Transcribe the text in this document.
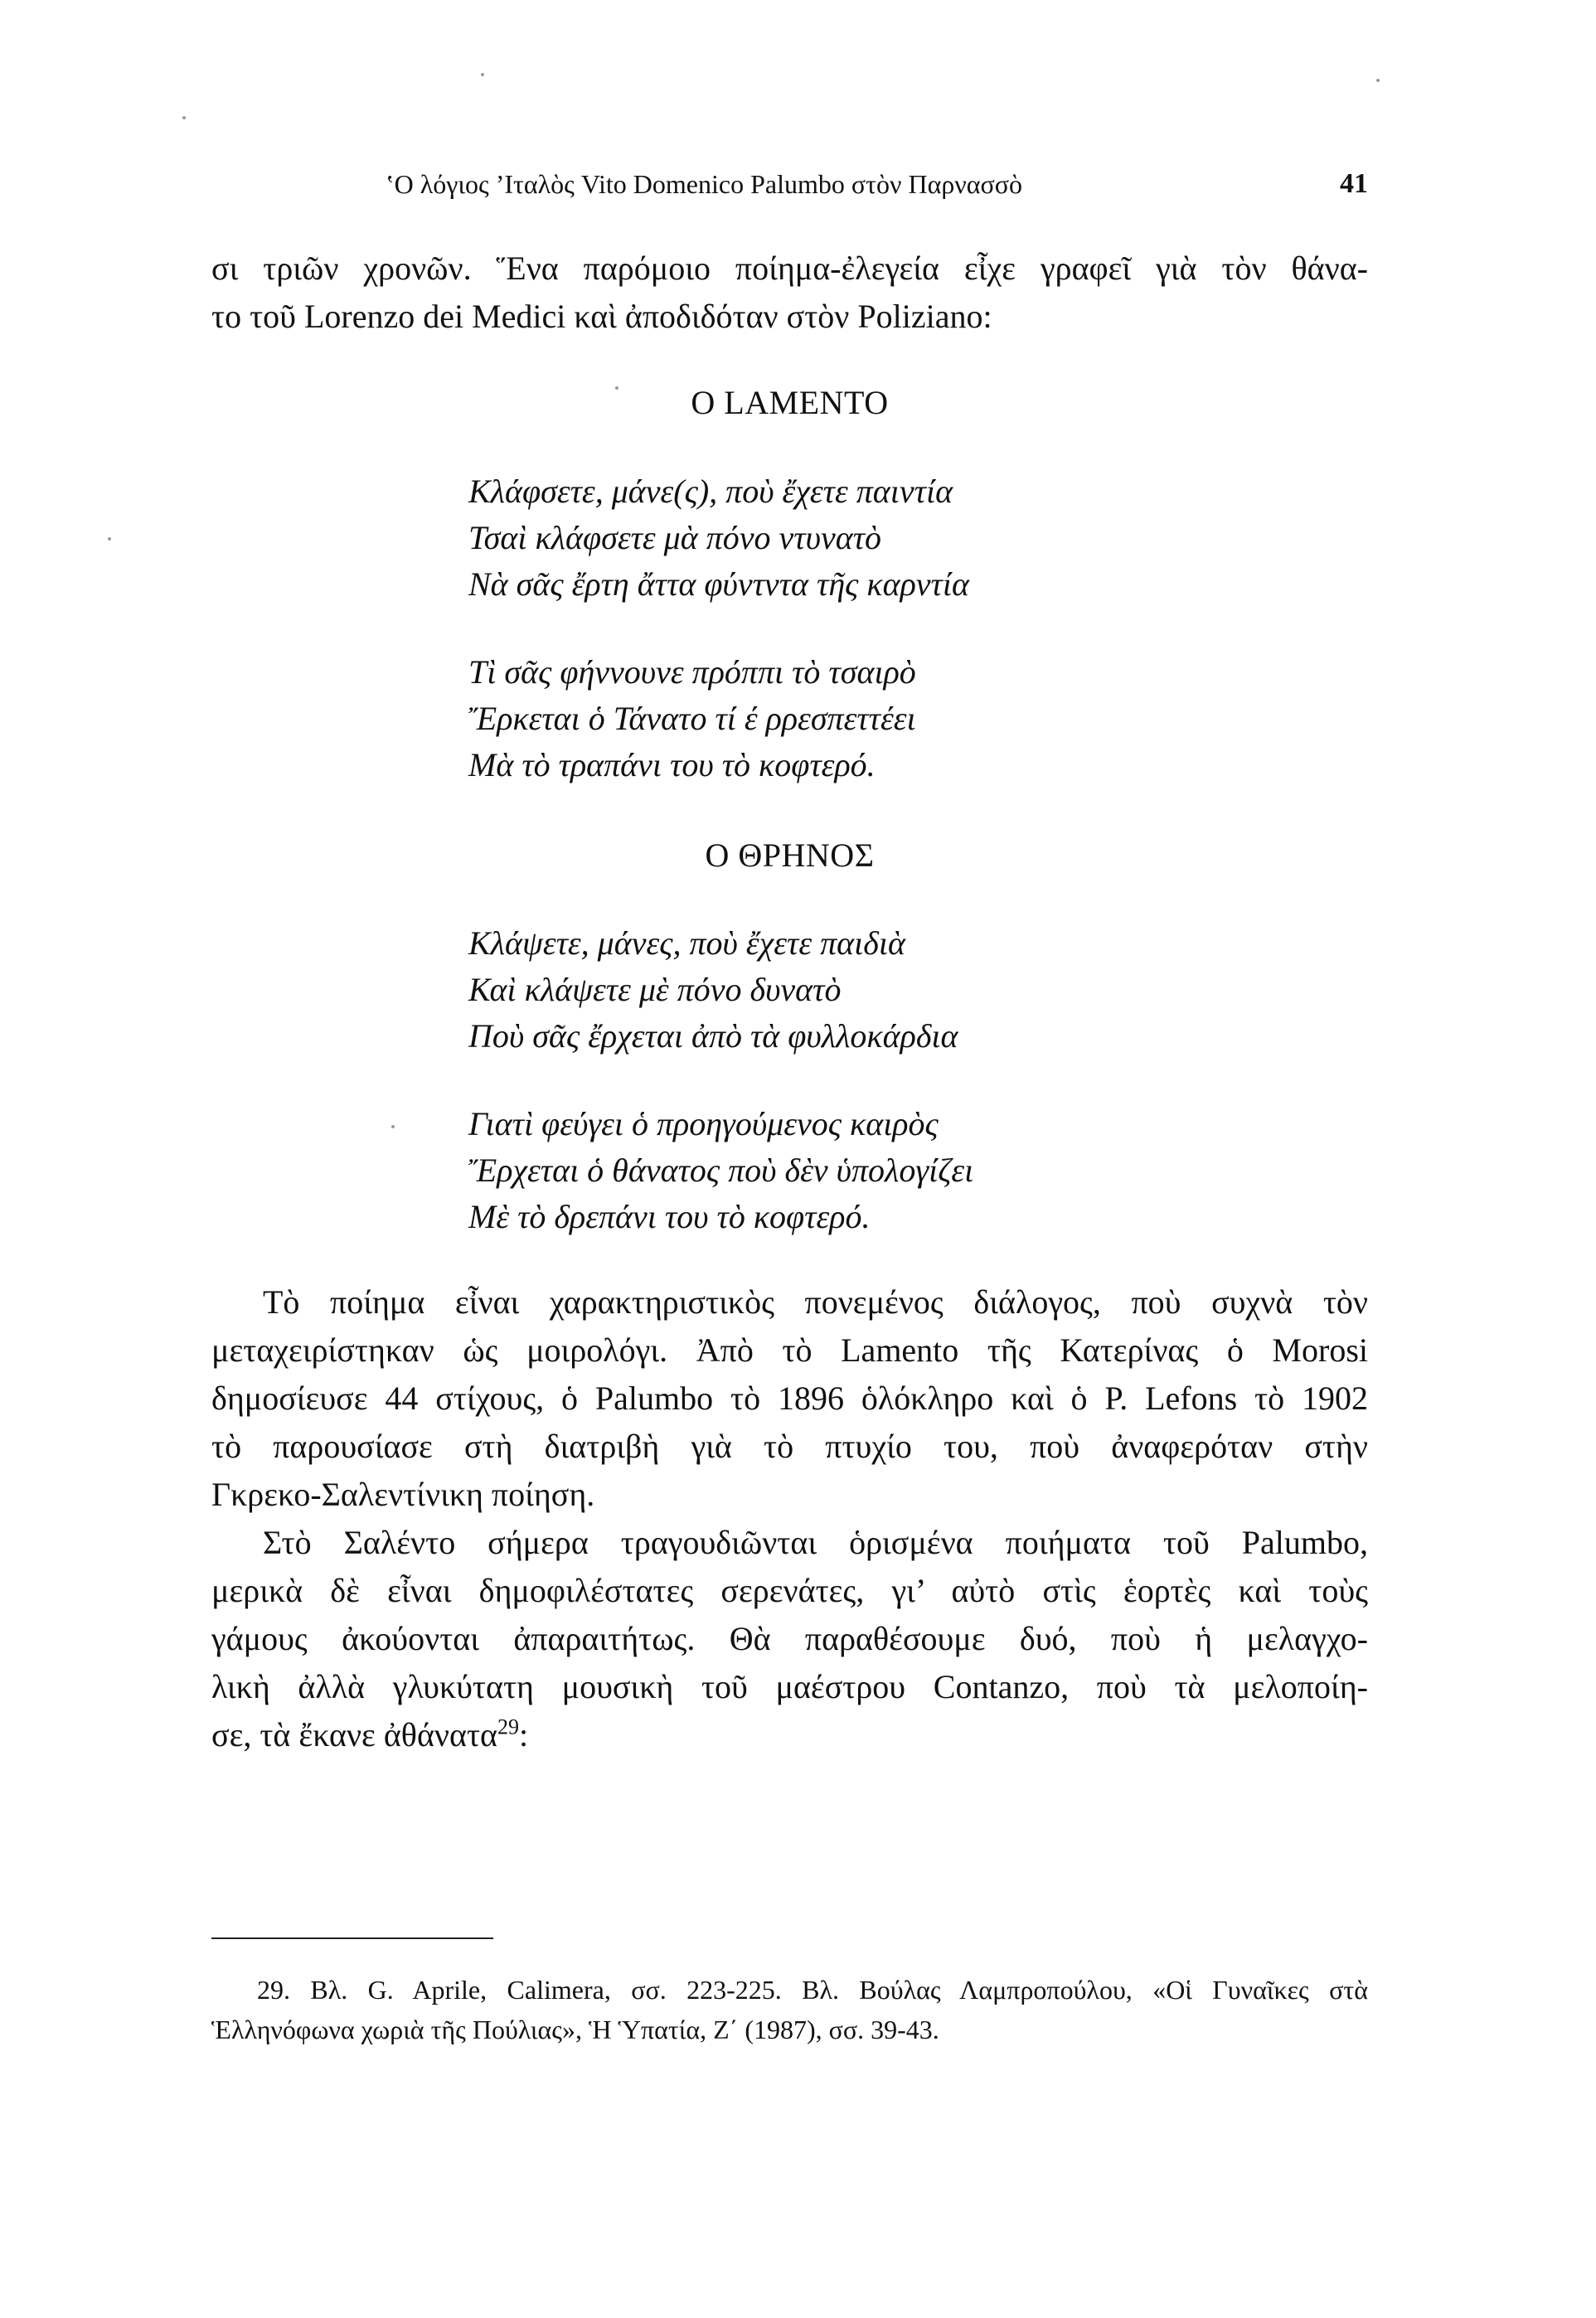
‛Ο λόγιος ’Ιταλὸς Vito Domenico Palumbo στὸν Παρνασσὸ	41
σι τριῶν χρονῶν. Ἕνα παρόμοιο ποίημα-ἐλεγεία εἶχε γραφεῖ γιὰ τὸν θάνα-
το τοῦ Lorenzo dei Medici καὶ ἀποδιδόταν στὸν Poliziano:
O LAMENTO
Κλάφσετε, μάνε(ς), ποὺ ἔχετε παιντία
Τσαὶ κλάφσετε μὰ πόνο ντυνατὸ
Νὰ σᾶς ἔρτη ἄττα φύντντα τῆς καρντία
Τὶ σᾶς φήννουνε πρόππι τὸ τσαιρὸ
Ἔρκεται ὁ Τάνατο τί έ ρρεσπεττέει
Μὰ τὸ τραπάνι του τὸ κοφτερό.
Ο ΘΡΗΝΟΣ
Κλάψετε, μάνες, ποὺ ἔχετε παιδιὰ
Καὶ κλάψετε μὲ πόνο δυνατὸ
Ποὺ σᾶς ἔρχεται ἀπὸ τὰ φυλλοκάρδια
Γιατὶ φεύγει ὁ προηγούμενος καιρὸς
Ἔρχεται ὁ θάνατος ποὺ δὲν ὑπολογίζει
Μὲ τὸ δρεπάνι του τὸ κοφτερό.
Τὸ ποίημα εἶναι χαρακτηριστικὸς πονεμένος διάλογος, ποὺ συχνὰ τὸν
μεταχειρίστηκαν ὡς μοιρολόγι. Ἀπὸ τὸ Lamento τῆς Κατερίνας ὁ Morosi
δημοσίευσε 44 στίχους, ὁ Palumbo τὸ 1896 ὁλόκληρο καὶ ὁ P. Lefons τὸ 1902
τὸ παρουσίασε στὴ διατριβὴ γιὰ τὸ πτυχίο του, ποὺ ἀναφερόταν στὴν
Γκρεκο-Σαλεντίνικη ποίηση.
Στὸ Σαλέντο σήμερα τραγουδιῶνται ὁρισμένα ποιήματα τοῦ Palumbo,
μερικὰ δὲ εἶναι δημοφιλέστατες σερενάτες, γι’ αὐτὸ στὶς ἑορτὲς καὶ τοὺς
γάμους ἀκούονται ἀπαραιτήτως. Θὰ παραθέσουμε δυό, ποὺ ἡ μελαγχο-
λικὴ ἀλλὰ γλυκύτατη μουσικὴ τοῦ μαέστρου Contanzo, ποὺ τὰ μελοποίη-
σε, τὰ ἔκανε ἀθάνατα$^{29}$:
29. Βλ. G. Aprile, Calimera, σσ. 223-225. Βλ. Βούλας Λαμπροπούλου, «Οἱ Γυναῖκες στὰ
Ἑλληνόφωνα χωριὰ τῆς Πούλιας», Ἡ Ὑπατία, Ζ΄ (1987), σσ. 39-43.
